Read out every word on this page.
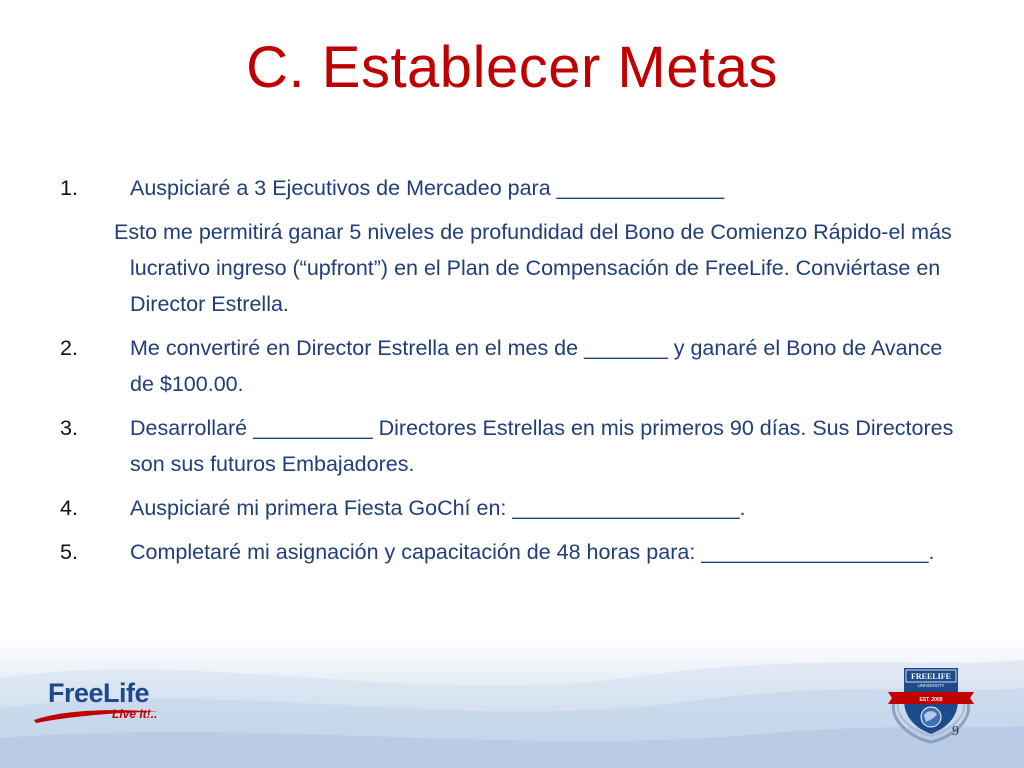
C. Establecer Metas
1. Auspiciaré a 3 Ejecutivos de Mercadeo para ______________
Esto me permitirá ganar 5 niveles de profundidad del Bono de Comienzo Rápido-el más lucrativo ingreso (“upfront”) en el Plan de Compensación de FreeLife. Conviértase en Director Estrella.
2. Me convertiré en Director Estrella en el mes de _______ y ganaré el Bono de Avance de $100.00.
3. Desarrollaré __________ Directores Estrellas en mis primeros 90 días. Sus Directores son sus futuros Embajadores.
4. Auspiciaré mi primera Fiesta GoChí en: ___________________.
5. Completaré mi asignación y capacitación de 48 horas para: ___________________.
FreeLife
Live It!..
FREELIFE
UNIVERSITY
EST. 2009
9
